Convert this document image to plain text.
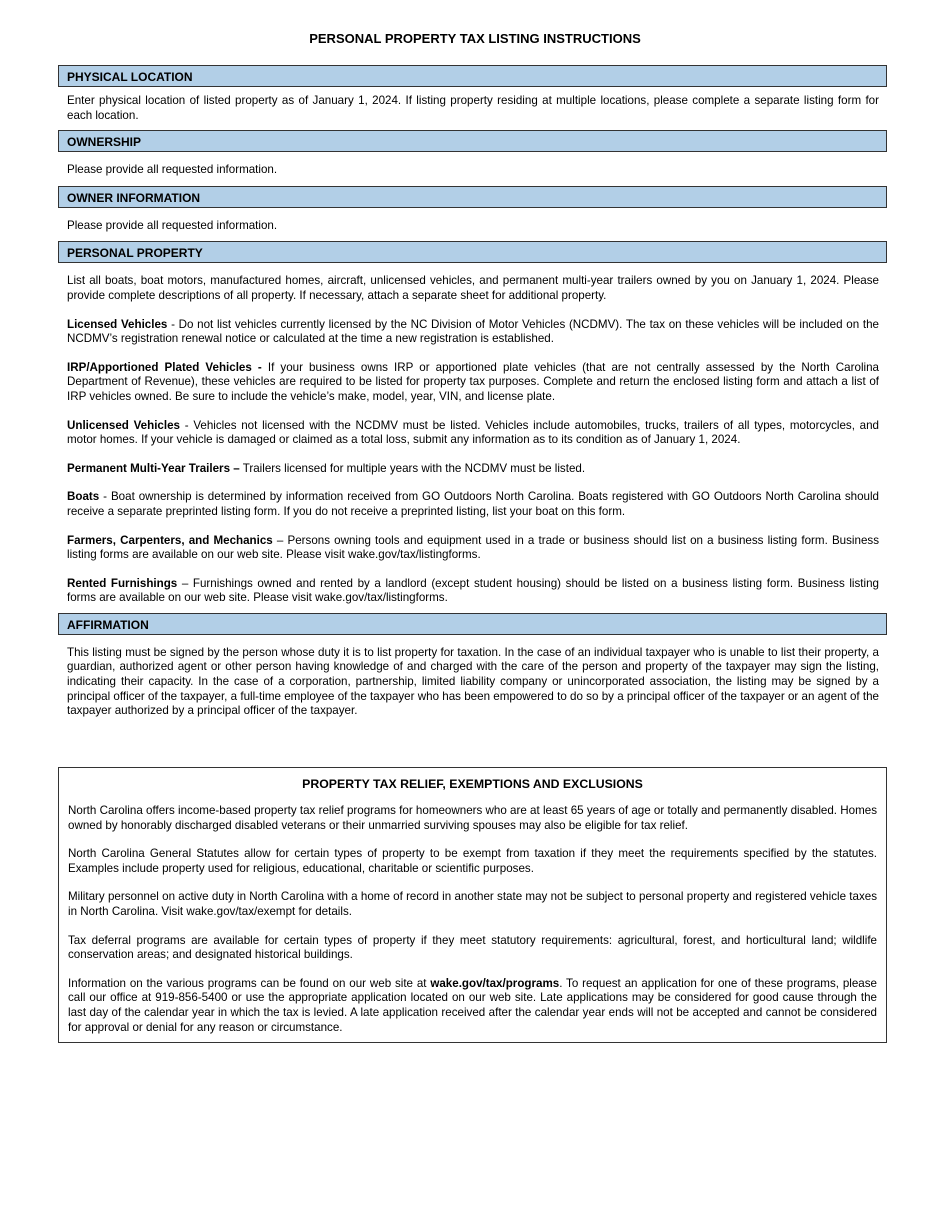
PERSONAL PROPERTY TAX LISTING INSTRUCTIONS
PHYSICAL LOCATION

Enter physical location of listed property as of January 1, 2024. If listing property residing at multiple locations, please complete a separate listing form for each location.

OWNERSHIP

Please provide all requested information.

OWNER INFORMATION

Please provide all requested information.

PERSONAL PROPERTY

List all boats, boat motors, manufactured homes, aircraft, unlicensed vehicles, and permanent multi-year trailers owned by you on January 1, 2024. Please provide complete descriptions of all property. If necessary, attach a separate sheet for additional property.

Licensed Vehicles - Do not list vehicles currently licensed by the NC Division of Motor Vehicles (NCDMV). The tax on these vehicles will be included on the NCDMV’s registration renewal notice or calculated at the time a new registration is established.

IRP/Apportioned Plated Vehicles - If your business owns IRP or apportioned plate vehicles (that are not centrally assessed by the North Carolina Department of Revenue), these vehicles are required to be listed for property tax purposes. Complete and return the enclosed listing form and attach a list of IRP vehicles owned. Be sure to include the vehicle’s make, model, year, VIN, and license plate.

Unlicensed Vehicles - Vehicles not licensed with the NCDMV must be listed. Vehicles include automobiles, trucks, trailers of all types, motorcycles, and motor homes. If your vehicle is damaged or claimed as a total loss, submit any information as to its condition as of January 1, 2024.

Permanent Multi-Year Trailers – Trailers licensed for multiple years with the NCDMV must be listed.

Boats - Boat ownership is determined by information received from GO Outdoors North Carolina. Boats registered with GO Outdoors North Carolina should receive a separate preprinted listing form. If you do not receive a preprinted listing, list your boat on this form.

Farmers, Carpenters, and Mechanics – Persons owning tools and equipment used in a trade or business should list on a business listing form. Business listing forms are available on our web site. Please visit wake.gov/tax/listingforms.

Rented Furnishings – Furnishings owned and rented by a landlord (except student housing) should be listed on a business listing form. Business listing forms are available on our web site. Please visit wake.gov/tax/listingforms.

AFFIRMATION

This listing must be signed by the person whose duty it is to list property for taxation. In the case of an individual taxpayer who is unable to list their property, a guardian, authorized agent or other person having knowledge of and charged with the care of the person and property of the taxpayer may sign the listing, indicating their capacity. In the case of a corporation, partnership, limited liability company or unincorporated association, the listing may be signed by a principal officer of the taxpayer, a full-time employee of the taxpayer who has been empowered to do so by a principal officer of the taxpayer or an agent of the taxpayer authorized by a principal officer of the taxpayer.

PROPERTY TAX RELIEF, EXEMPTIONS AND EXCLUSIONS

North Carolina offers income-based property tax relief programs for homeowners who are at least 65 years of age or totally and permanently disabled. Homes owned by honorably discharged disabled veterans or their unmarried surviving spouses may also be eligible for tax relief.

North Carolina General Statutes allow for certain types of property to be exempt from taxation if they meet the requirements specified by the statutes. Examples include property used for religious, educational, charitable or scientific purposes.

Military personnel on active duty in North Carolina with a home of record in another state may not be subject to personal property and registered vehicle taxes in North Carolina. Visit wake.gov/tax/exempt for details.

Tax deferral programs are available for certain types of property if they meet statutory requirements: agricultural, forest, and horticultural land; wildlife conservation areas; and designated historical buildings.

Information on the various programs can be found on our web site at wake.gov/tax/programs. To request an application for one of these programs, please call our office at 919-856-5400 or use the appropriate application located on our web site. Late applications may be considered for good cause through the last day of the calendar year in which the tax is levied. A late application received after the calendar year ends will not be accepted and cannot be considered for approval or denial for any reason or circumstance.
